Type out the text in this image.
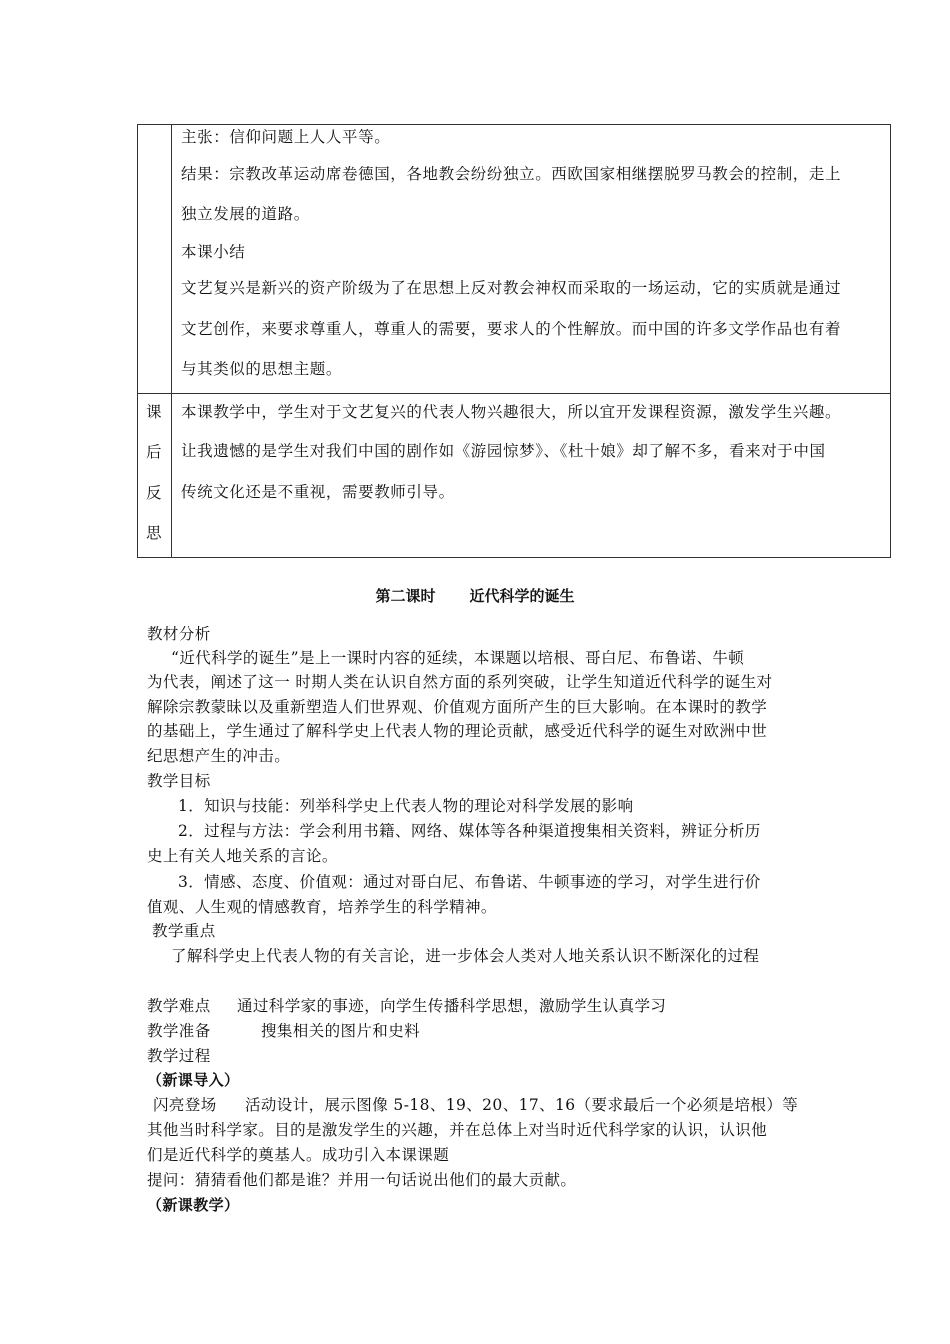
主张：信仰问题上人人平等。
结果：宗教改革运动席卷德国，各地教会纷纷独立。西欧国家相继摆脱罗马教会的控制，走上
独立发展的道路。
本课小结
文艺复兴是新兴的资产阶级为了在思想上反对教会神权而采取的一场运动，它的实质就是通过
文艺创作，来要求尊重人，尊重人的需要，要求人的个性解放。而中国的许多文学作品也有着
与其类似的思想主题。
课
后
反
思
本课教学中，学生对于文艺复兴的代表人物兴趣很大，所以宜开发课程资源，激发学生兴趣。
让我遗憾的是学生对我们中国的剧作如《游园惊梦》、《杜十娘》却了解不多，看来对于中国
传统文化还是不重视，需要教师引导。
第二课时 近代科学的诞生
教材分析
“近代科学的诞生”是上一课时内容的延续，本课题以培根、哥白尼、布鲁诺、牛顿
为代表，阐述了这一 时期人类在认识自然方面的系列突破，让学生知道近代科学的诞生对
解除宗教蒙昧以及重新塑造人们世界观、价值观方面所产生的巨大影响。在本课时的教学
的基础上，学生通过了解科学史上代表人物的理论贡献，感受近代科学的诞生对欧洲中世
纪思想产生的冲击。
教学目标
1．知识与技能：列举科学史上代表人物的理论对科学发展的影响
2．过程与方法：学会利用书籍、网络、媒体等各种渠道搜集相关资料，辨证分析历
史上有关人地关系的言论。
3．情感、态度、价值观：通过对哥白尼、布鲁诺、牛顿事迹的学习，对学生进行价
值观、人生观的情感教育，培养学生的科学精神。
教学重点
了解科学史上代表人物的有关言论，进一步体会人类对人地关系认识不断深化的过程
教学难点 通过科学家的事迹，向学生传播科学思想，激励学生认真学习
教学准备	搜集相关的图片和史料
教学过程
（新课导入）
闪亮登场 活动设计，展示图像 5-18、19、20、17、16（要求最后一个必须是培根）等
其他当时科学家。目的是激发学生的兴趣，并在总体上对当时近代科学家的认识，认识他
们是近代科学的奠基人。成功引入本课课题
提问：猜猜看他们都是谁？并用一句话说出他们的最大贡献。
（新课教学）
